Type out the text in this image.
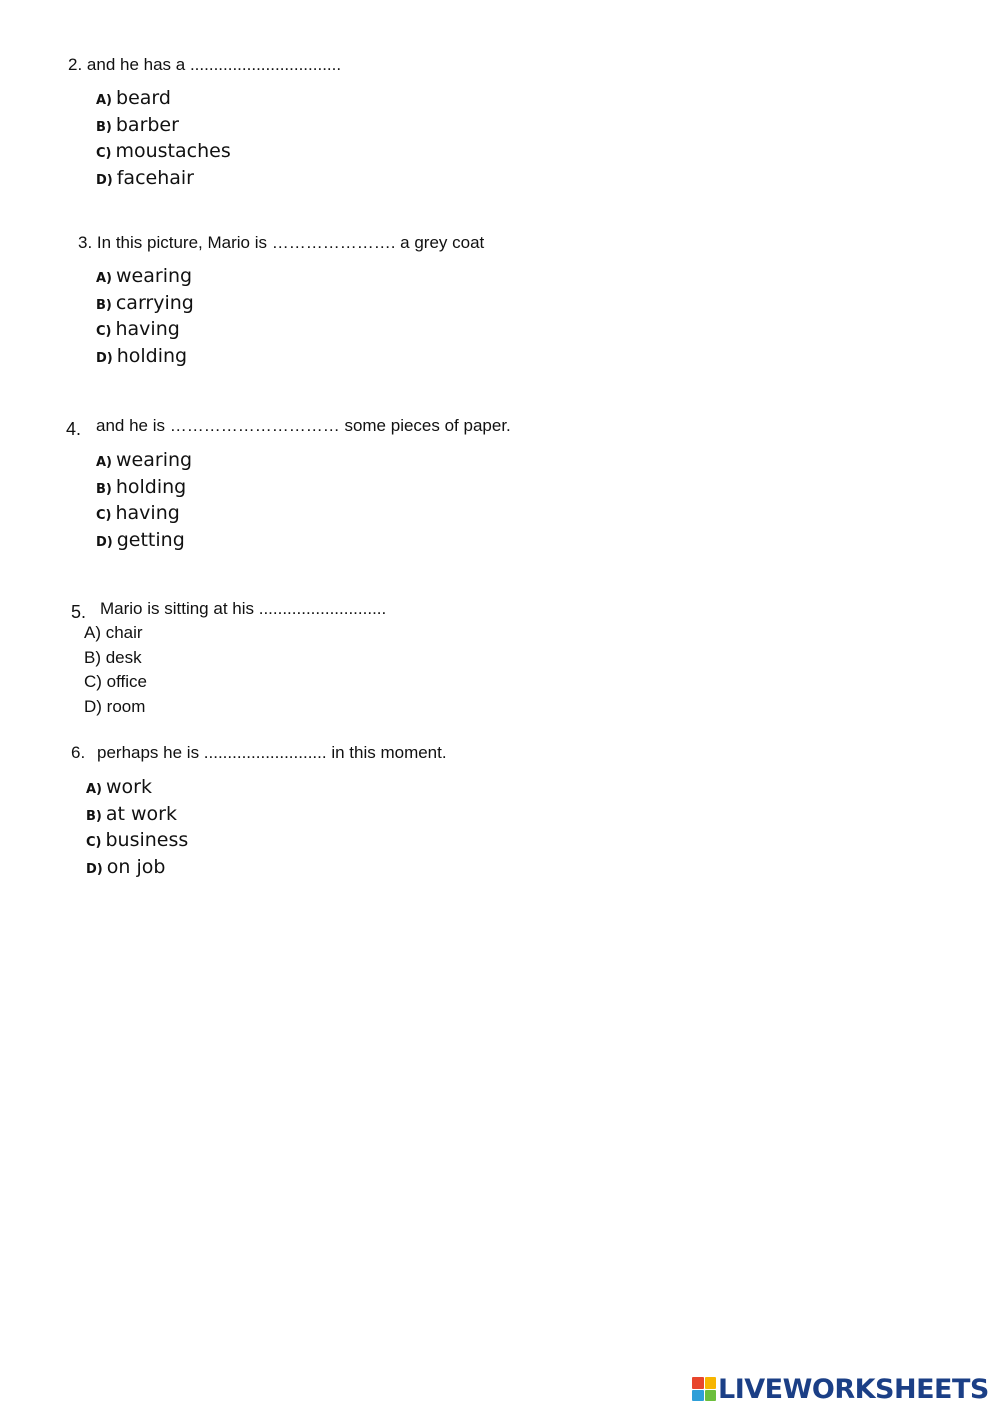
2. and he has a ................................
A) beard
B) barber
C) moustaches
D) facehair
3. In this picture, Mario is …………………. a grey coat
A) wearing
B) carrying
C) having
D) holding
4. and he is ………………………… some pieces of paper.
A) wearing
B) holding
C) having
D) getting
5. Mario is sitting at his ...........................
A) chair
B) desk
C) office
D) room
6. perhaps he is .......................... in this moment.
A) work
B) at work
C) business
D) on job
LIVEWORKSHEETS
